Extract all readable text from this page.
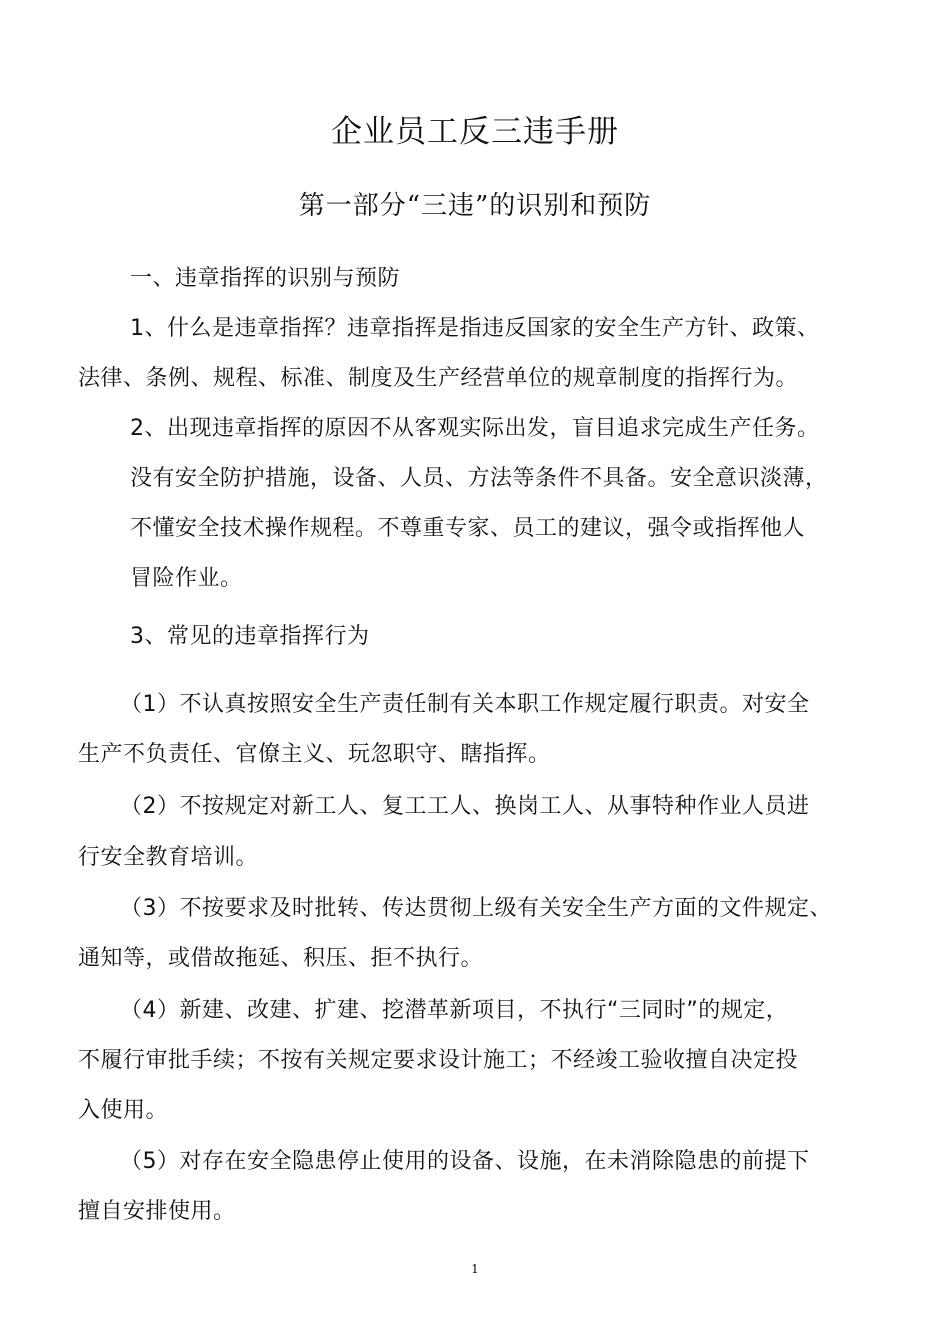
企业员工反三违手册
第一部分“三违”的识别和预防
一、违章指挥的识别与预防
1、什么是违章指挥？违章指挥是指违反国家的安全生产方针、政策、
法律、条例、规程、标准、制度及生产经营单位的规章制度的指挥行为。
2、出现违章指挥的原因不从客观实际出发，盲目追求完成生产任务。
没有安全防护措施，设备、人员、方法等条件不具备。安全意识淡薄，
不懂安全技术操作规程。不尊重专家、员工的建议，强令或指挥他人
冒险作业。
3、常见的违章指挥行为
（1）不认真按照安全生产责任制有关本职工作规定履行职责。对安全
生产不负责任、官僚主义、玩忽职守、瞎指挥。
（2）不按规定对新工人、复工工人、换岗工人、从事特种作业人员进
行安全教育培训。
（3）不按要求及时批转、传达贯彻上级有关安全生产方面的文件规定、
通知等，或借故拖延、积压、拒不执行。
（4）新建、改建、扩建、挖潜革新项目，不执行“三同时”的规定，
不履行审批手续；不按有关规定要求设计施工；不经竣工验收擅自决定投
入使用。
（5）对存在安全隐患停止使用的设备、设施，在未消除隐患的前提下
擅自安排使用。
1
